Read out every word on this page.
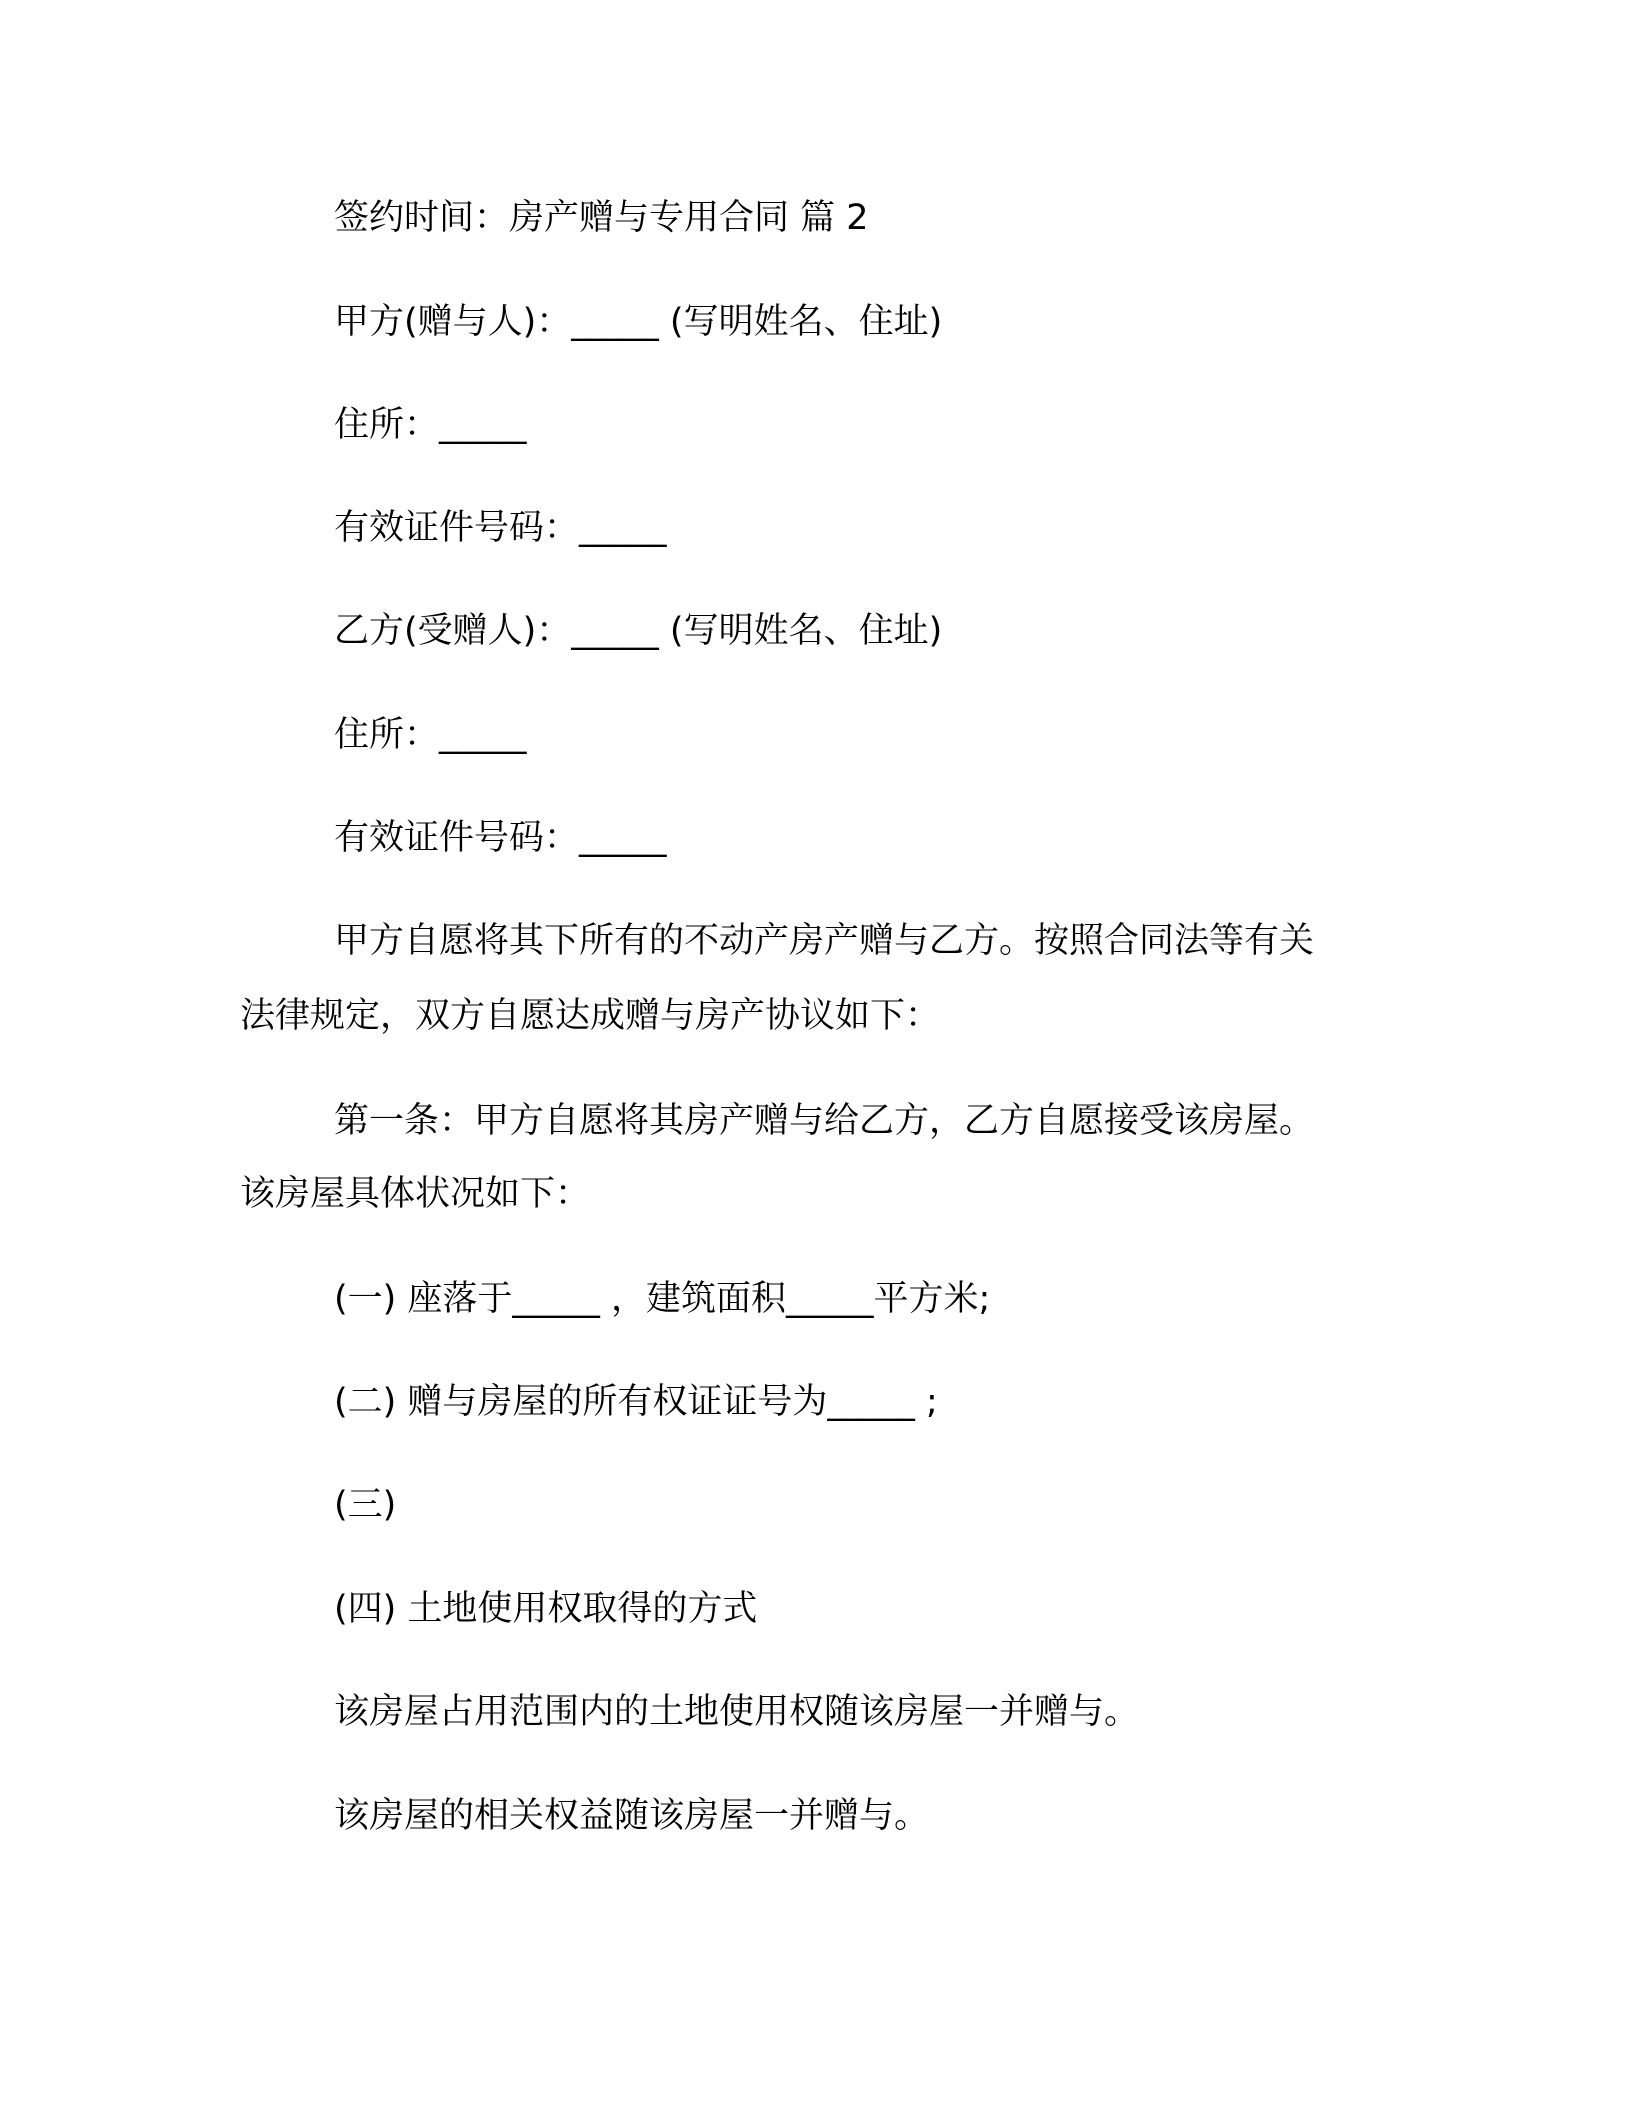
签约时间：房产赠与专用合同 篇 2
甲方(赠与人)：_____ (写明姓名、住址)
住所：_____
有效证件号码：_____
乙方(受赠人)：_____ (写明姓名、住址)
住所：_____
有效证件号码：_____
甲方自愿将其下所有的不动产房产赠与乙方。按照合同法等有关
法律规定，双方自愿达成赠与房产协议如下：
第一条：甲方自愿将其房产赠与给乙方，乙方自愿接受该房屋。
该房屋具体状况如下：
(一) 座落于_____ ，建筑面积_____平方米;
(二) 赠与房屋的所有权证证号为_____ ;
(三)
(四) 土地使用权取得的方式
该房屋占用范围内的土地使用权随该房屋一并赠与。
该房屋的相关权益随该房屋一并赠与。
